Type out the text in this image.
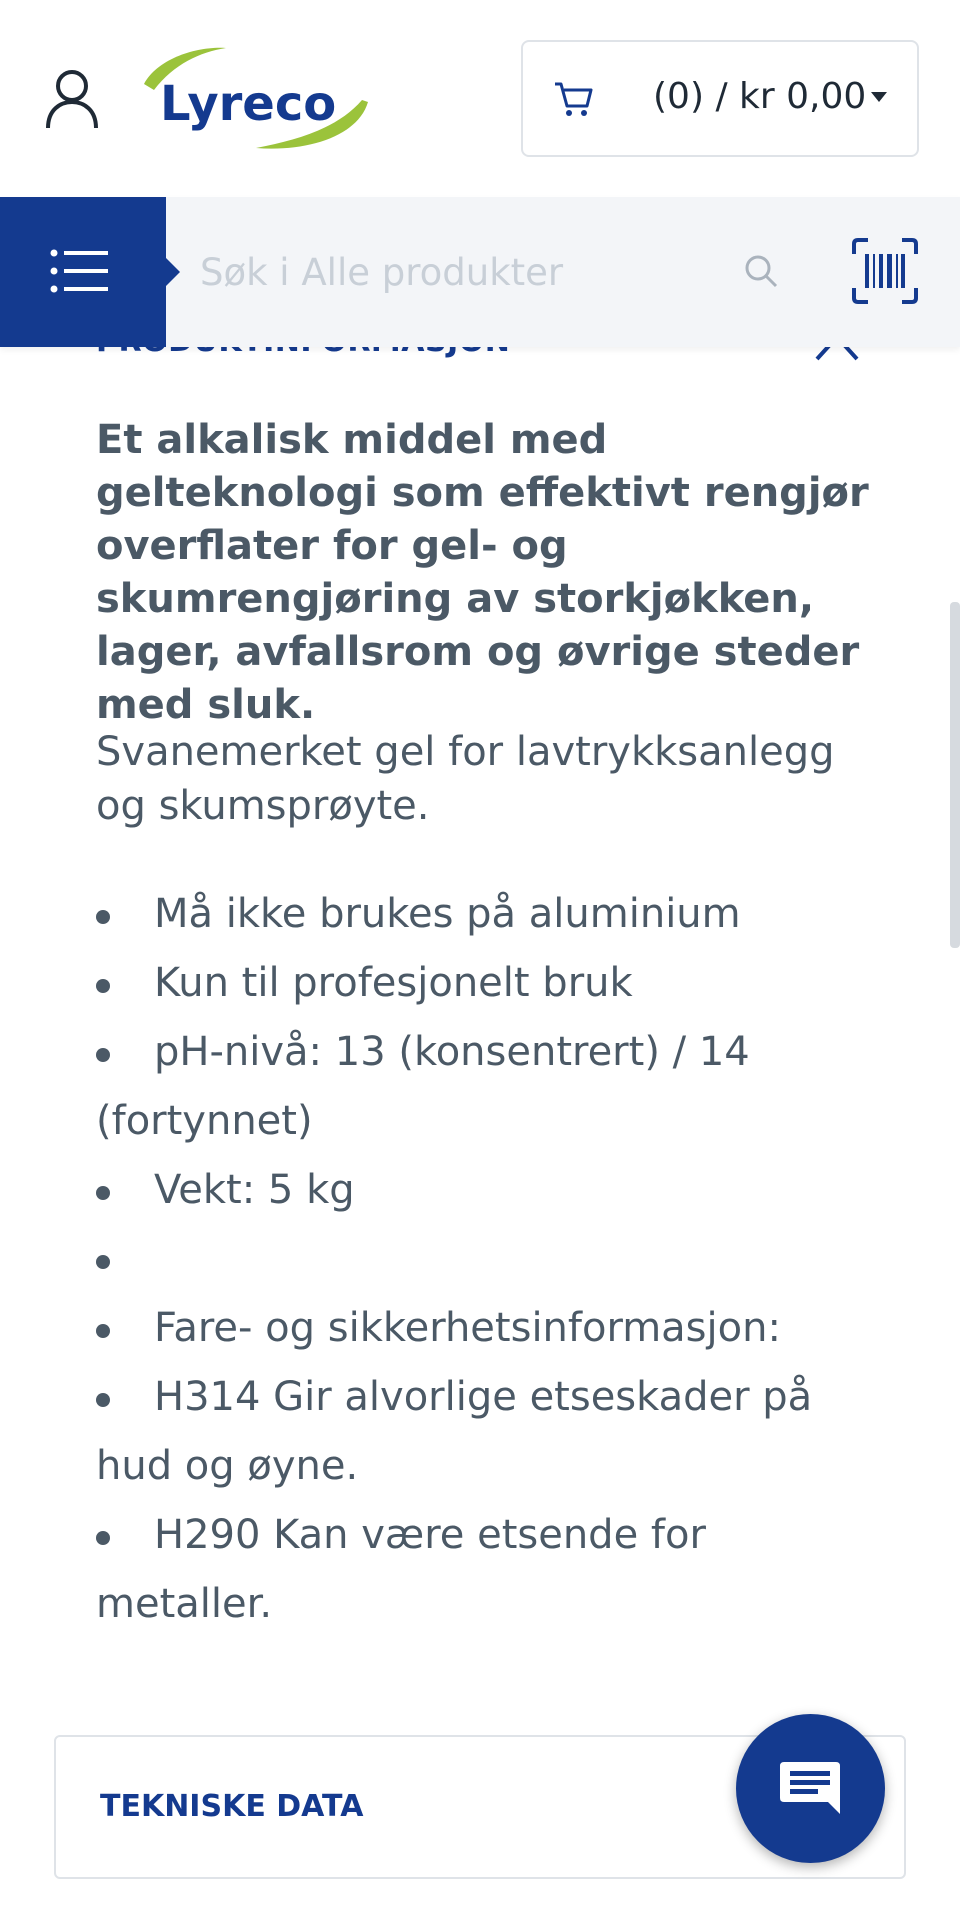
Lyreco	(0) / kr 0,00
Søk i Alle produkter
Et alkalisk middel med gelteknologi som effektivt rengjør overflater for gel- og skumrengjøring av storkjøkken, lager, avfallsrom og øvrige steder med sluk.
Svanemerket gel for lavtrykksanlegg og skumsprøyte.
Må ikke brukes på aluminium
Kun til profesjonelt bruk
pH-nivå: 13 (konsentrert) / 14 (fortynnet)
Vekt: 5 kg

Fare- og sikkerhetsinformasjon:
H314 Gir alvorlige etseskader på hud og øyne.
H290 Kan være etsende for metaller.
TEKNISKE DATA
